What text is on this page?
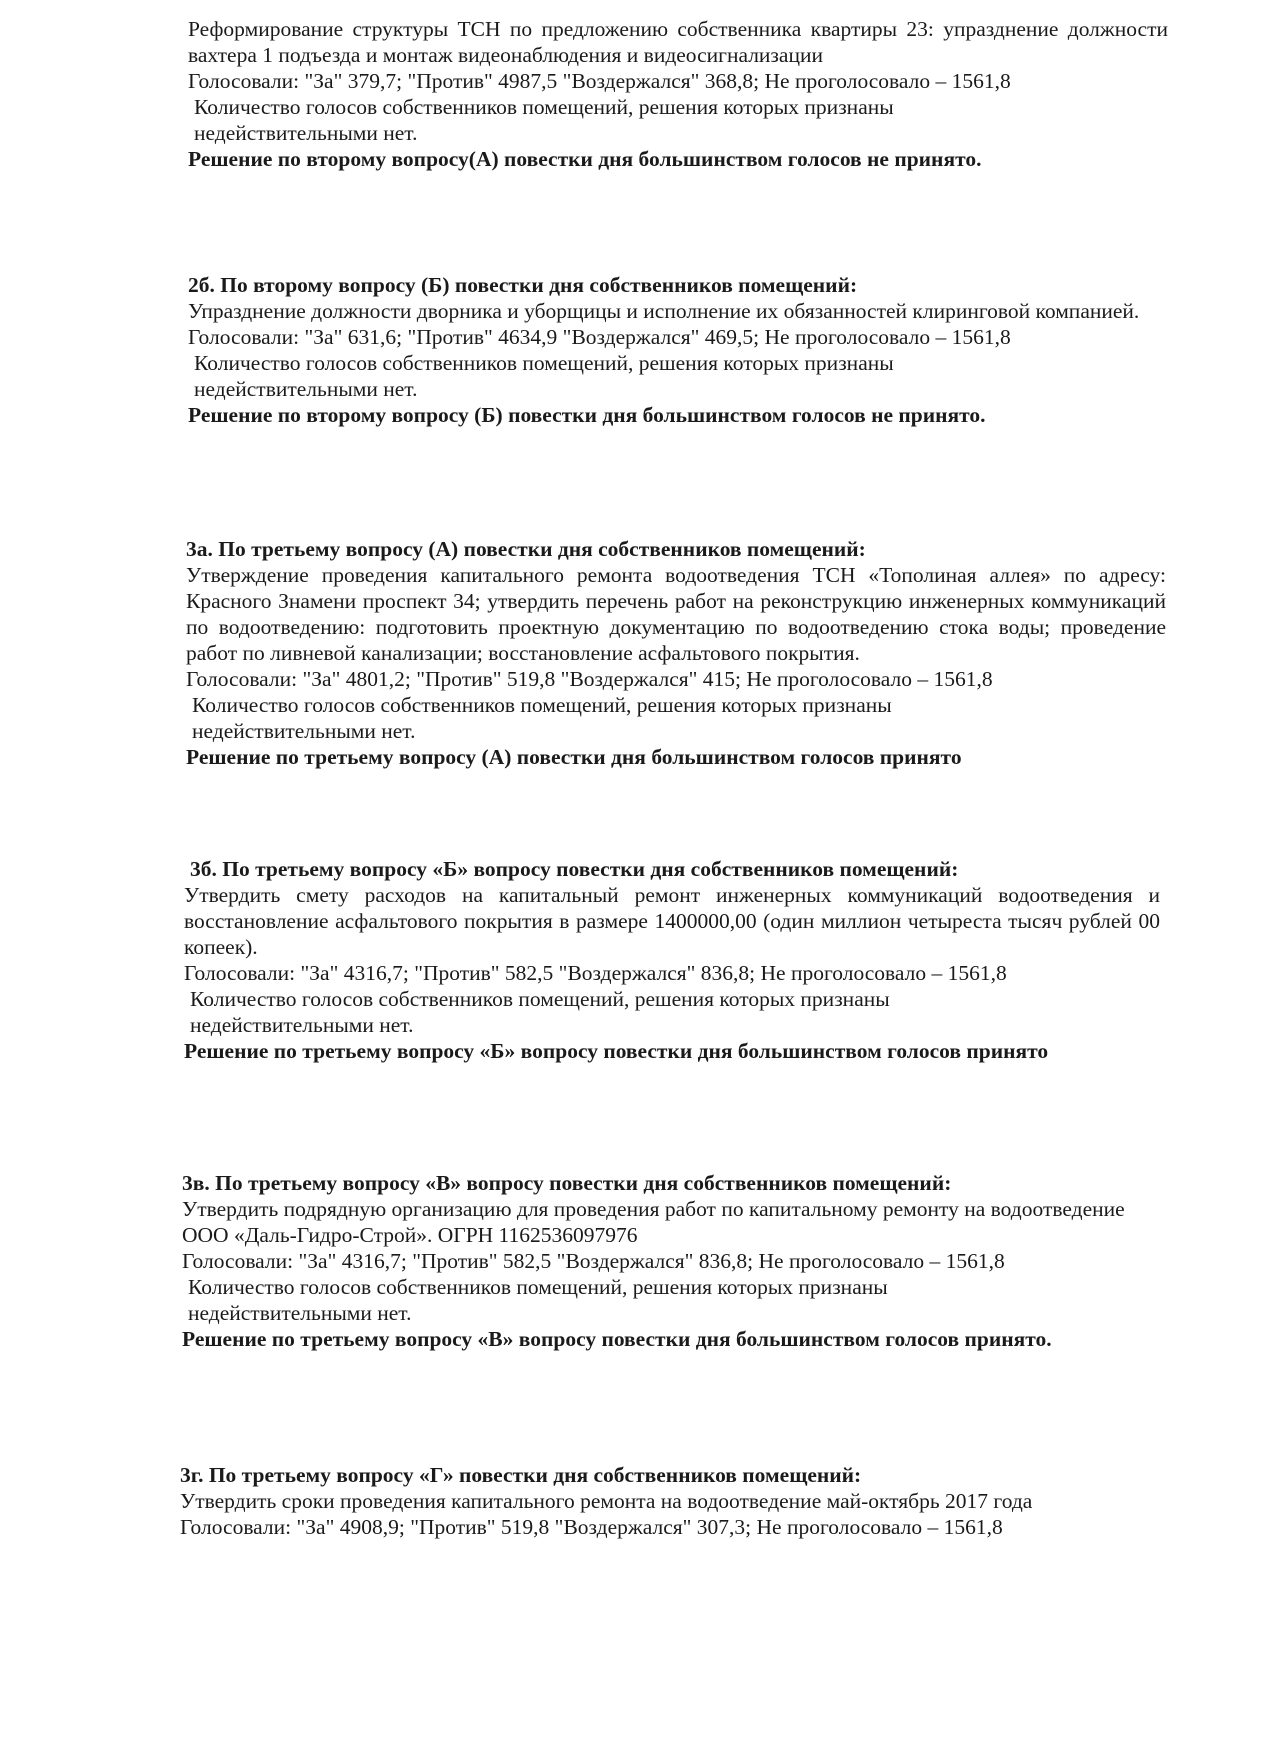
Реформирование структуры ТСН по предложению собственника квартиры 23: упразднение должности вахтера 1 подъезда и монтаж видеонаблюдения и видеосигнализации

Голосовали: "За" 379,7; "Против" 4987,5 "Воздержался" 368,8; Не проголосовало – 1561,8

Количество голосов собственников помещений, решения которых признаны недействительными нет.

Решение по второму вопросу(А) повестки дня большинством голосов не принято.

2б. По второму вопросу (Б) повестки дня собственников помещений:

Упразднение должности дворника и уборщицы и исполнение их обязанностей клиринговой компанией.

Голосовали: "За" 631,6; "Против" 4634,9 "Воздержался" 469,5; Не проголосовало – 1561,8

Количество голосов собственников помещений, решения которых признаны недействительными нет.

Решение по второму вопросу (Б) повестки дня большинством голосов не принято.

3а. По третьему вопросу (А) повестки дня собственников помещений:

Утверждение проведения капитального ремонта водоотведения ТСН «Тополиная аллея» по адресу: Красного Знамени проспект 34; утвердить перечень работ на реконструкцию инженерных коммуникаций по водоотведению: подготовить проектную документацию по водоотведению стока воды; проведение работ по ливневой канализации; восстановление асфальтового покрытия.

Голосовали: "За" 4801,2; "Против" 519,8 "Воздержался" 415; Не проголосовало – 1561,8

Количество голосов собственников помещений, решения которых признаны недействительными нет.

Решение по третьему вопросу (А) повестки дня большинством голосов принято

3б. По третьему вопросу «Б» вопросу повестки дня собственников помещений:

Утвердить смету расходов на капитальный ремонт инженерных коммуникаций водоотведения и восстановление асфальтового покрытия в размере 1400000,00 (один миллион четыреста тысяч рублей 00 копеек).

Голосовали: "За" 4316,7; "Против" 582,5 "Воздержался" 836,8; Не проголосовало – 1561,8

Количество голосов собственников помещений, решения которых признаны недействительными нет.

Решение по третьему вопросу «Б» вопросу повестки дня большинством голосов принято

3в. По третьему вопросу «В» вопросу повестки дня собственников помещений:

Утвердить подрядную организацию для проведения работ по капитальному ремонту на водоотведение ООО «Даль-Гидро-Строй». ОГРН 1162536097976

Голосовали: "За" 4316,7; "Против" 582,5 "Воздержался" 836,8; Не проголосовало – 1561,8

Количество голосов собственников помещений, решения которых признаны недействительными нет.

Решение по третьему вопросу «В» вопросу повестки дня большинством голосов принято.

3г. По третьему вопросу «Г» повестки дня собственников помещений:

Утвердить сроки проведения капитального ремонта на водоотведение май-октябрь 2017 года

Голосовали: "За" 4908,9; "Против" 519,8 "Воздержался" 307,3; Не проголосовало – 1561,8
